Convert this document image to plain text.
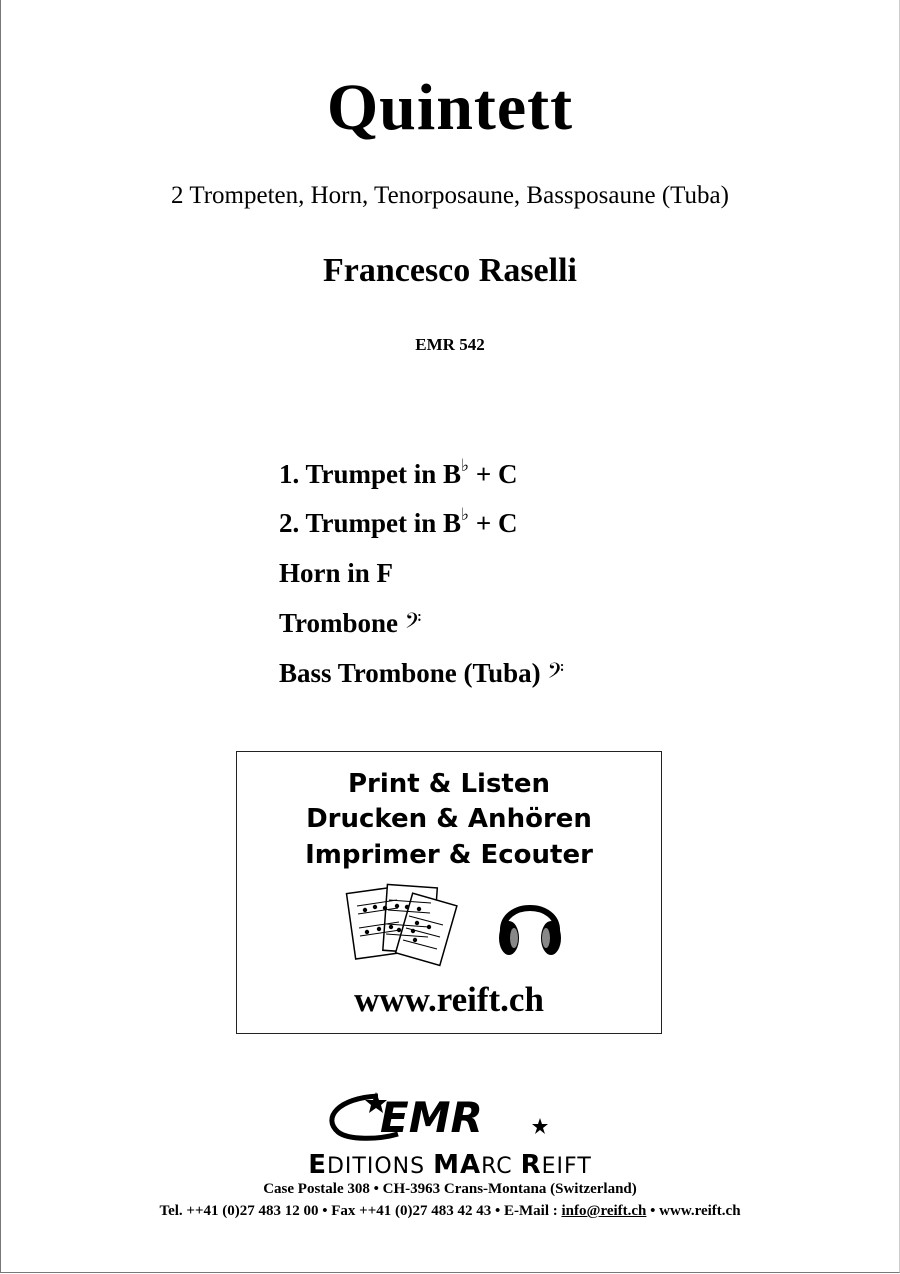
Quintett
2 Trompeten, Horn, Tenorposaune, Bassposaune (Tuba)
Francesco Raselli
EMR 542
1. Trumpet in B♭ + C
2. Trumpet in B♭ + C
Horn in F
Trombone 𝄢
Bass Trombone (Tuba) 𝄢
Print & Listen
Drucken & Anhören
Imprimer & Ecouter
www.reift.ch
EMR
EDITIONS MARC REIFT
Case Postale 308 • CH-3963 Crans-Montana (Switzerland)
Tel. ++41 (0)27 483 12 00 • Fax ++41 (0)27 483 42 43 • E-Mail : info@reift.ch • www.reift.ch
